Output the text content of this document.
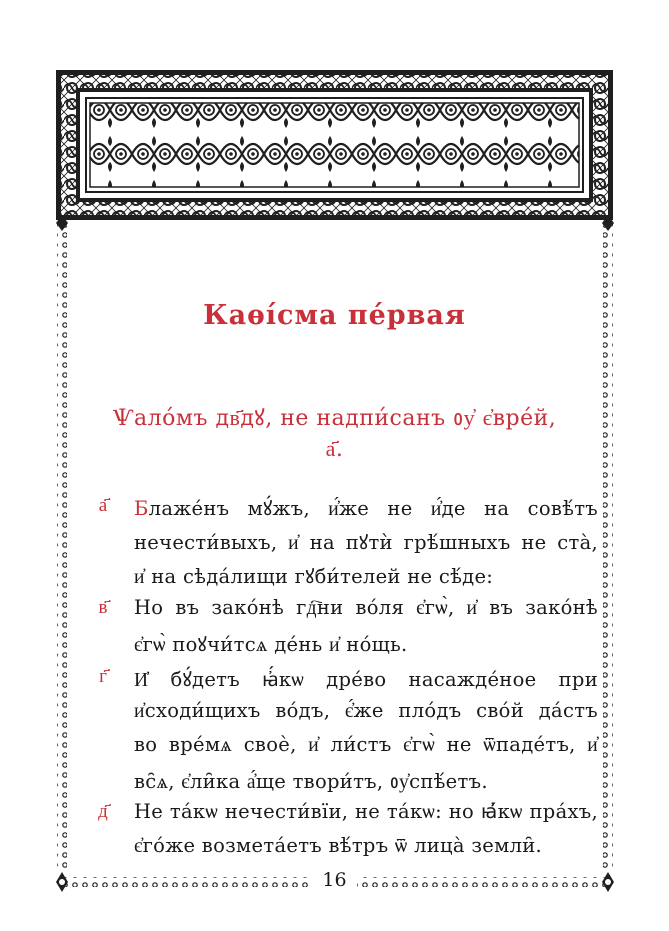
Каѳі́сма пе́рвая
Ѱало́мъ дв҃дꙋ, не надпи́санъ ᲂу҆ є҆вре́й,
а҃.
а҃ Блаже́нъ мꙋ́жъ, и҆́же не и҆́де на совѣ́тъ
нечести́выхъ, и҆ на пꙋтѝ грѣ́шныхъ не ста̀,
и҆ на сѣда́лищи гꙋби́телей не сѣ́де:
в҃ Но въ зако́нѣ гд҇ни во́ля є҆гѡ̀, и҆ въ зако́нѣ
є҆гѡ̀ поꙋчи́тсѧ де́нь и҆ но́щь.
г҃ И҆ бꙋ́детъ ꙗ҆́кѡ дре́во насажде́ное при
и҆сходи́щихъ во́дъ, є҆́же пло́дъ сво́й да́стъ
во вре́мѧ своѐ, и҆ ли́стъ є҆гѡ̀ не ѿпаде́тъ, и҆
вс̑ѧ, є҆ли̑ка а҆́ще твори́тъ, ᲂу҆спѣ́етъ.
д҃ Не та́кѡ нечести́вїи, не та́кѡ: но ꙗ҆́кѡ пра́хъ,
є҆го́же возмета́етъ вѣ́тръ ѿ лица̀ земли̑.
16
